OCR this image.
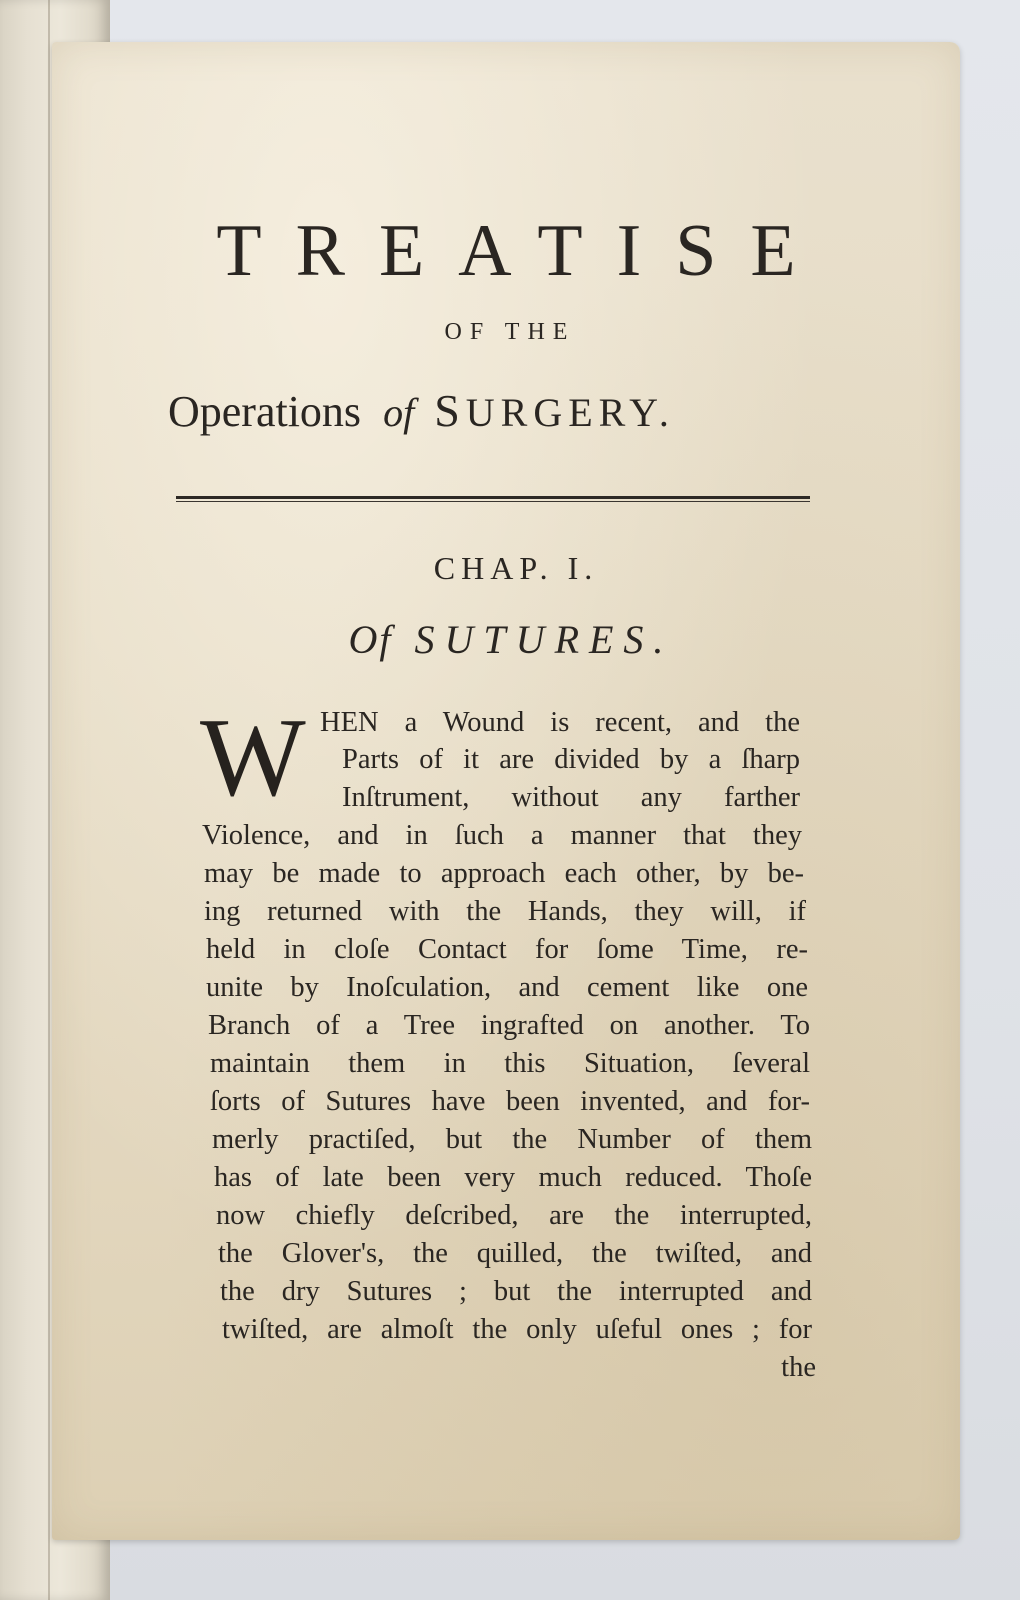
TREATISE
OF THE
Operations of SURGERY.
CHAP. I.
Of SUTURES.
W HEN a Wound is recent, and the
Parts of it are divided by a ſharp
Inſtrument, without any farther
Violence, and in ſuch a manner that they
may be made to approach each other, by be-
ing returned with the Hands, they will, if
held in cloſe Contact for ſome Time, re-
unite by Inoſculation, and cement like one
Branch of a Tree ingrafted on another. To
maintain them in this Situation, ſeveral
ſorts of Sutures have been invented, and for-
merly practiſed, but the Number of them
has of late been very much reduced. Thoſe
now chiefly deſcribed, are the interrupted,
the Glover's, the quilled, the twiſted, and
the dry Sutures ; but the interrupted and
twiſted, are almoſt the only uſeful ones ; for
the
